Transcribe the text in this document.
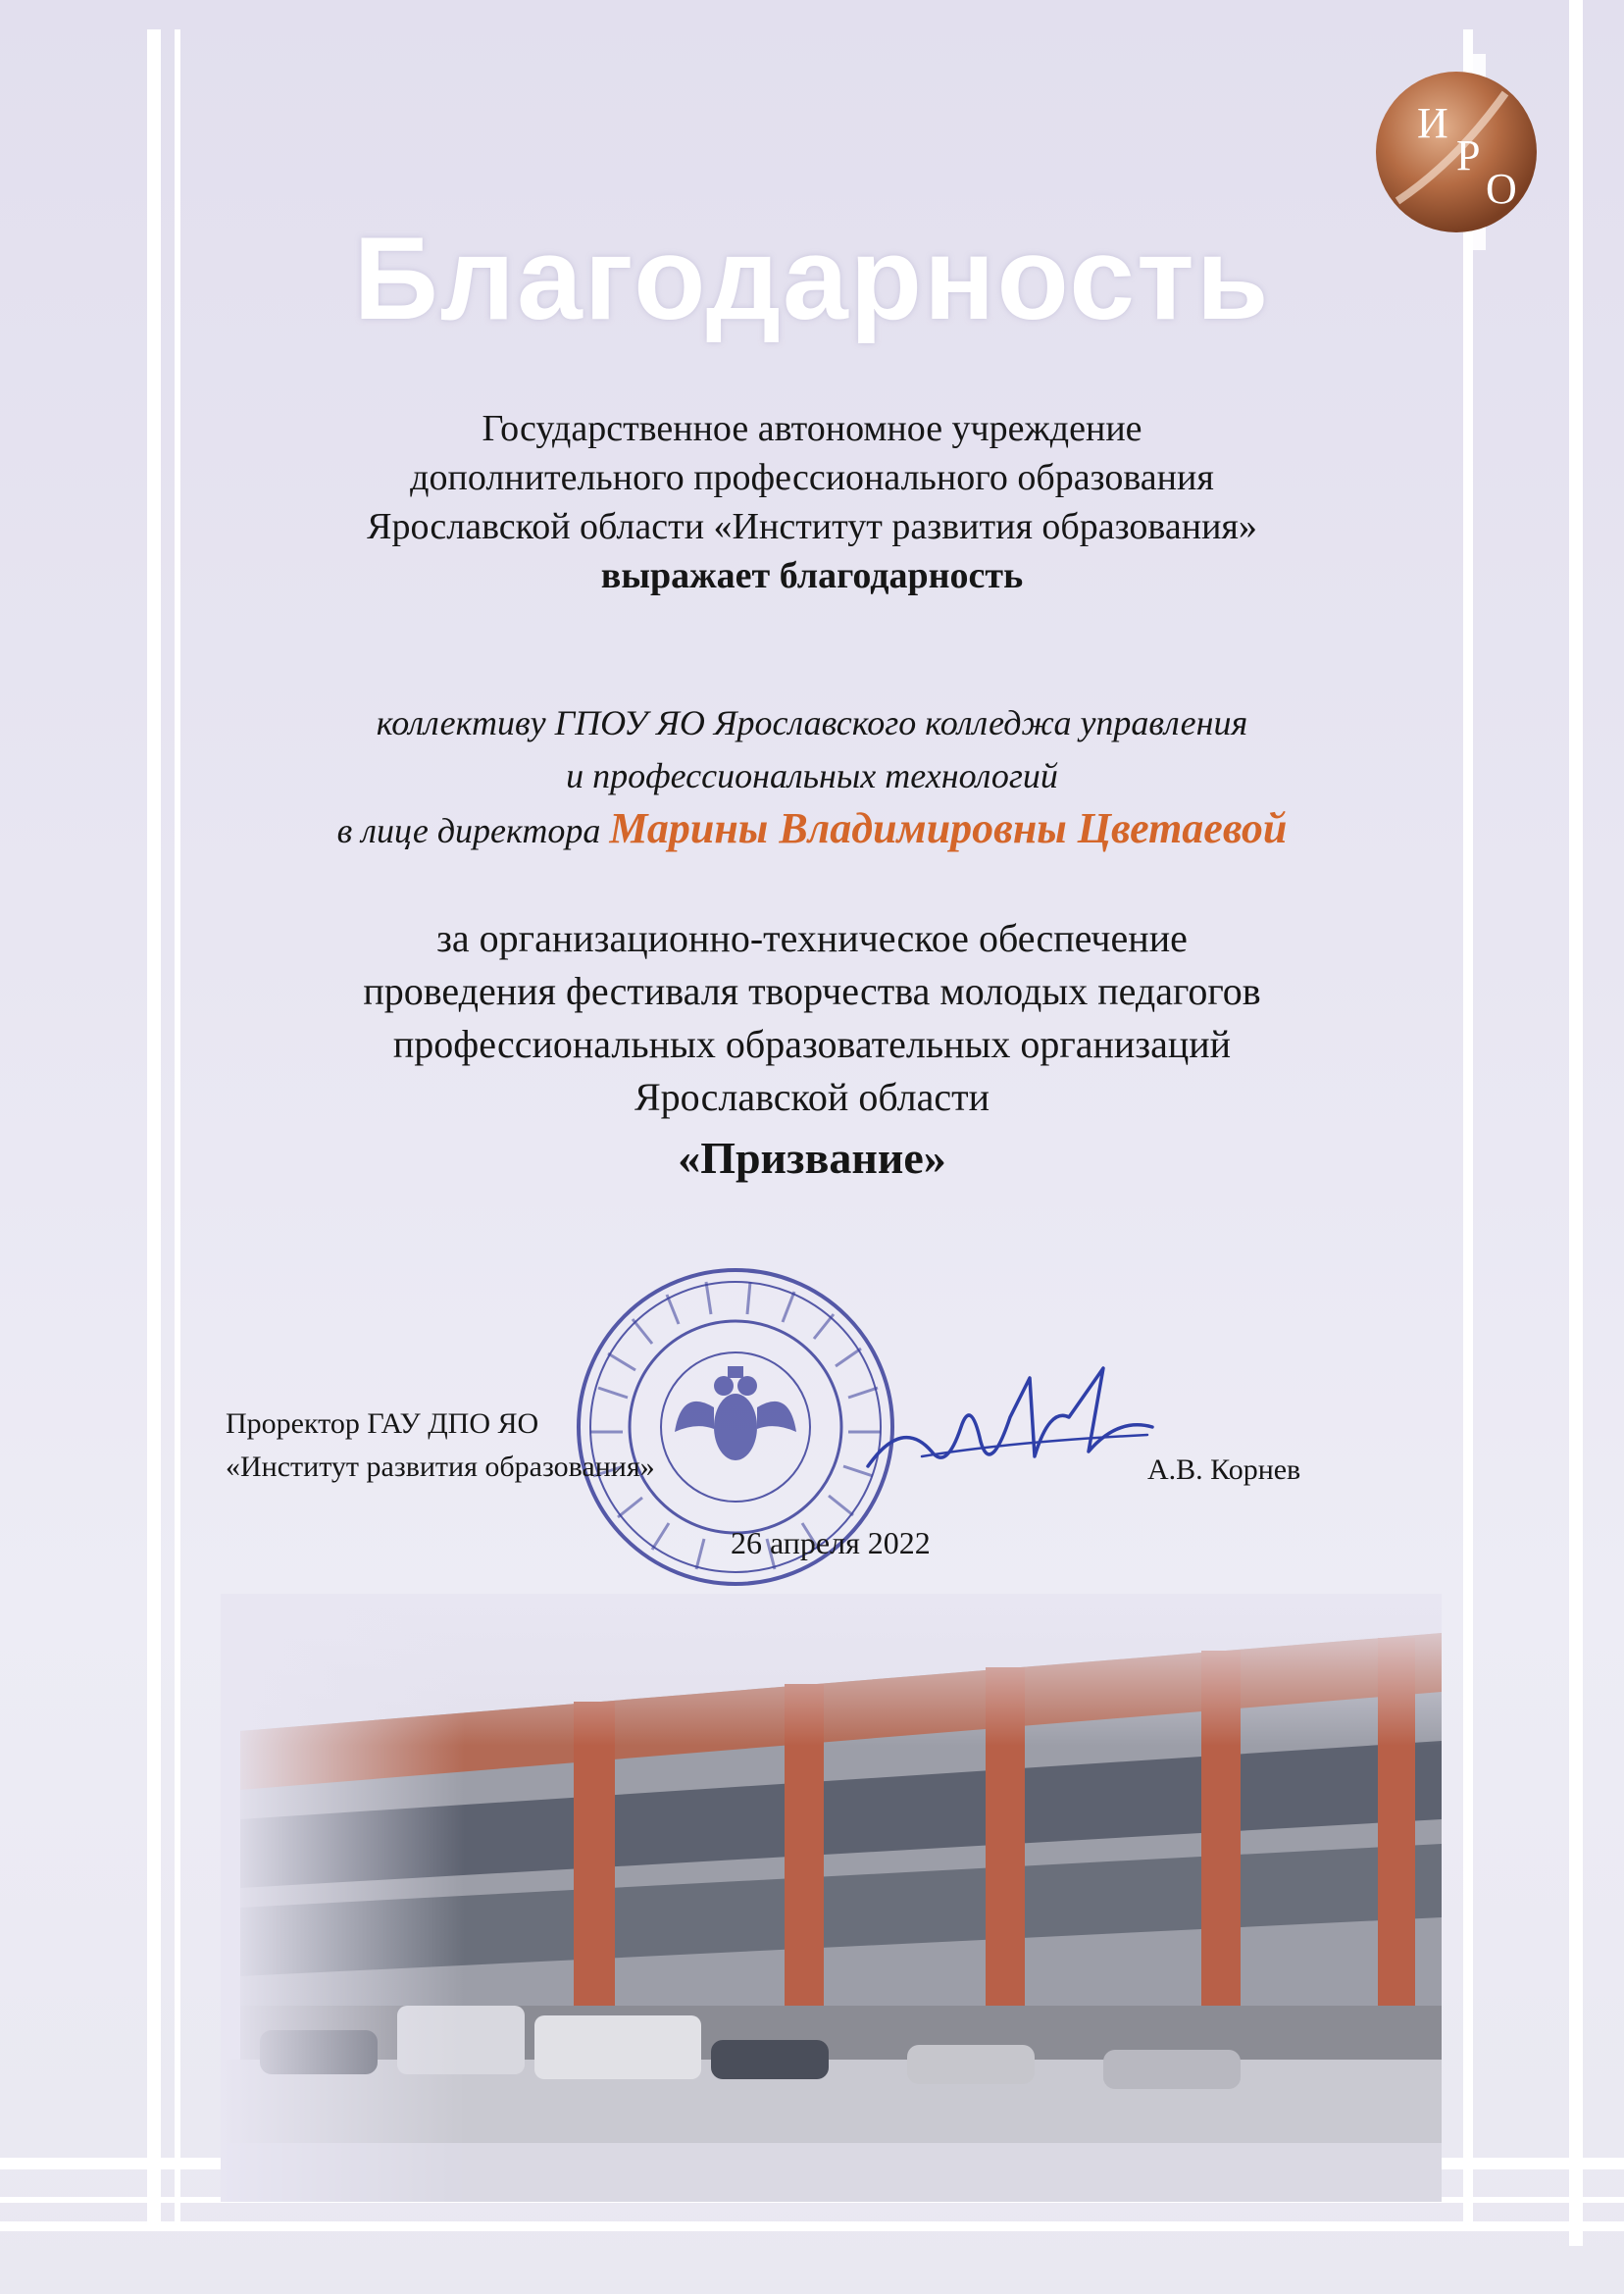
И
Р
О
Благодарность
Государственное автономное учреждение
дополнительного профессионального образования
Ярославской области «Институт развития образования»
выражает благодарность
коллективу ГПОУ ЯО Ярославского колледжа управления
и профессиональных технологий
в лице директора Марины Владимировны Цветаевой
за организационно-техническое обеспечение
проведения фестиваля творчества молодых педагогов
профессиональных образовательных организаций
Ярославской области
«Призвание»
Проректор ГАУ ДПО ЯО
«Институт развития образования»	А.В. Корнев
26 апреля 2022
